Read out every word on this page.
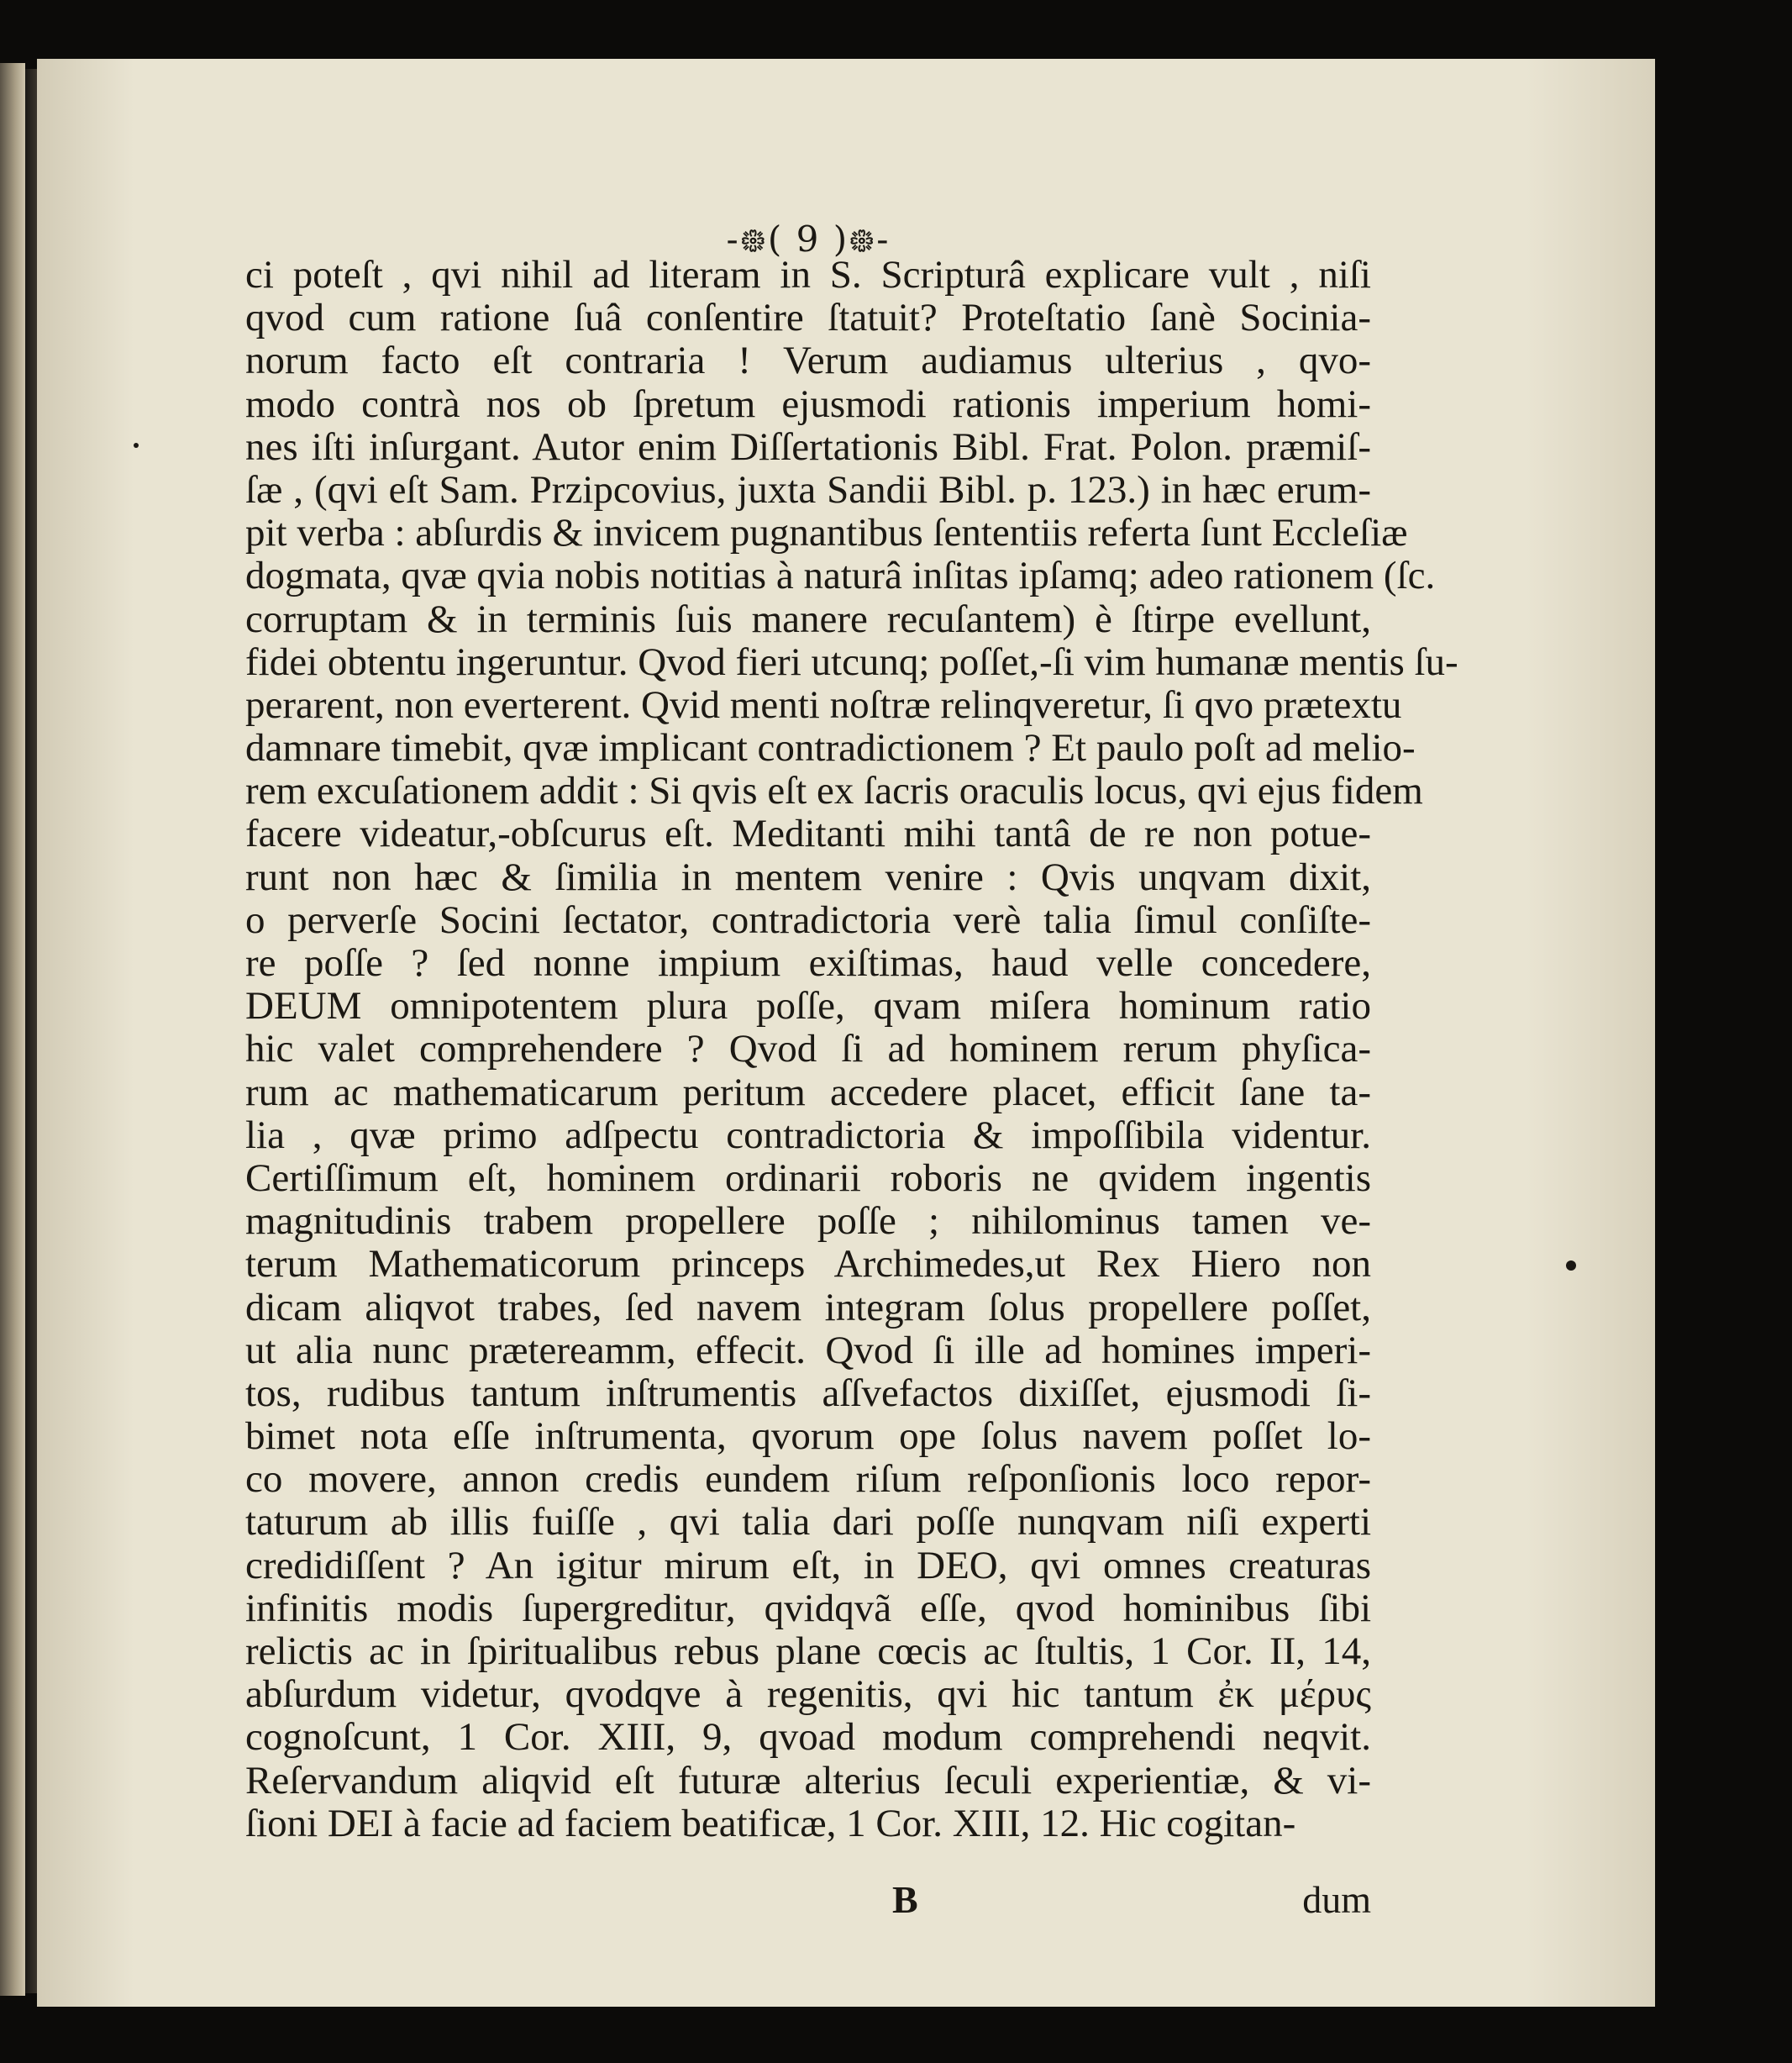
-᪥( 9 )᪥-
ci poteſt , qvi nihil ad literam in S. Scripturâ explicare vult , niſi
qvod cum ratione ſuâ conſentire ſtatuit? Proteſtatio ſanè Sociniа-
norum facto eſt contraria ! Verum audiamus ulterius , qvo-
modo contrà nos ob ſpretum ejusmodi rationis imperium homi-
nes iſti inſurgant. Autor enim Diſſertationis Bibl. Frat. Polon. præmiſ-
ſæ , (qvi eſt Sam. Przipcovius, juxta Sandii Bibl. p. 123.) in hæc erum-
pit verba : abſurdis & invicem pugnantibus ſententiis referta ſunt Eccleſiæ
dogmata, qvæ qvia nobis notitias à naturâ inſitas ipſamq; adeo rationem (ſc.
corruptam & in terminis ſuis manere recuſantem) è ſtirpe evellunt,
fidei obtentu ingeruntur. Qvod fieri utcunq; poſſet,-ſi vim humanæ mentis ſu-
perarent, non everterent. Qvid menti noſtræ relinqveretur, ſi qvo prætextu
damnare timebit, qvæ implicant contradictionem ? Et paulo poſt ad melio-
rem excuſationem addit : Si qvis eſt ex ſacris oraculis locus, qvi ejus fidem
facere videatur,-obſcurus eſt. Meditanti mihi tantâ de re non potue-
runt non hæc & ſimilia in mentem venire : Qvis unqvam dixit,
o perverſe Socini ſectator, contradictoria verè talia ſimul conſiſte-
re poſſe ? ſed nonne impium exiſtimas, haud velle concedere,
DEUM omnipotentem plura poſſe, qvam miſera hominum ratio
hic valet comprehendere ? Qvod ſi ad hominem rerum phyſica-
rum ac mathematicarum peritum accedere placet, efficit ſane ta-
lia , qvæ primo adſpectu contradictoria & impoſſibila videntur.
Certiſſimum eſt, hominem ordinarii roboris ne qvidem ingentis
magnitudinis trabem propellere poſſe ; nihilominus tamen ve-
terum Mathematicorum princeps Archimedes,ut Rex Hiero non
dicam aliqvot trabes, ſed navem integram ſolus propellere poſſet,
ut alia nunc prætereamm, effecit. Qvod ſi ille ad homines imperi-
tos, rudibus tantum inſtrumentis aſſvefactos dixiſſet, ejusmodi ſi-
bimet nota eſſe inſtrumenta, qvorum ope ſolus navem poſſet lo-
co movere, annon credis eundem riſum reſponſionis loco repor-
taturum ab illis fuiſſe , qvi talia dari poſſe nunqvam niſi experti
credidiſſent ? An igitur mirum eſt, in DEO, qvi omnes creaturas
infinitis modis ſupergreditur, qvidqvã eſſe, qvod hominibus ſibi
relictis ac in ſpiritualibus rebus plane cœcis ac ſtultis, 1 Cor. II, 14,
abſurdum videtur, qvodqve à regenitis, qvi hic tantum ἐκ μέρυς
cognoſcunt, 1 Cor. XIII, 9, qvoad modum comprehendi neqvit.
Reſervandum aliqvid eſt futuræ alterius ſeculi experientiæ, & vi-
ſioni DEI à facie ad faciem beatificæ, 1 Cor. XIII, 12. Hic cogitan-
B	dum
